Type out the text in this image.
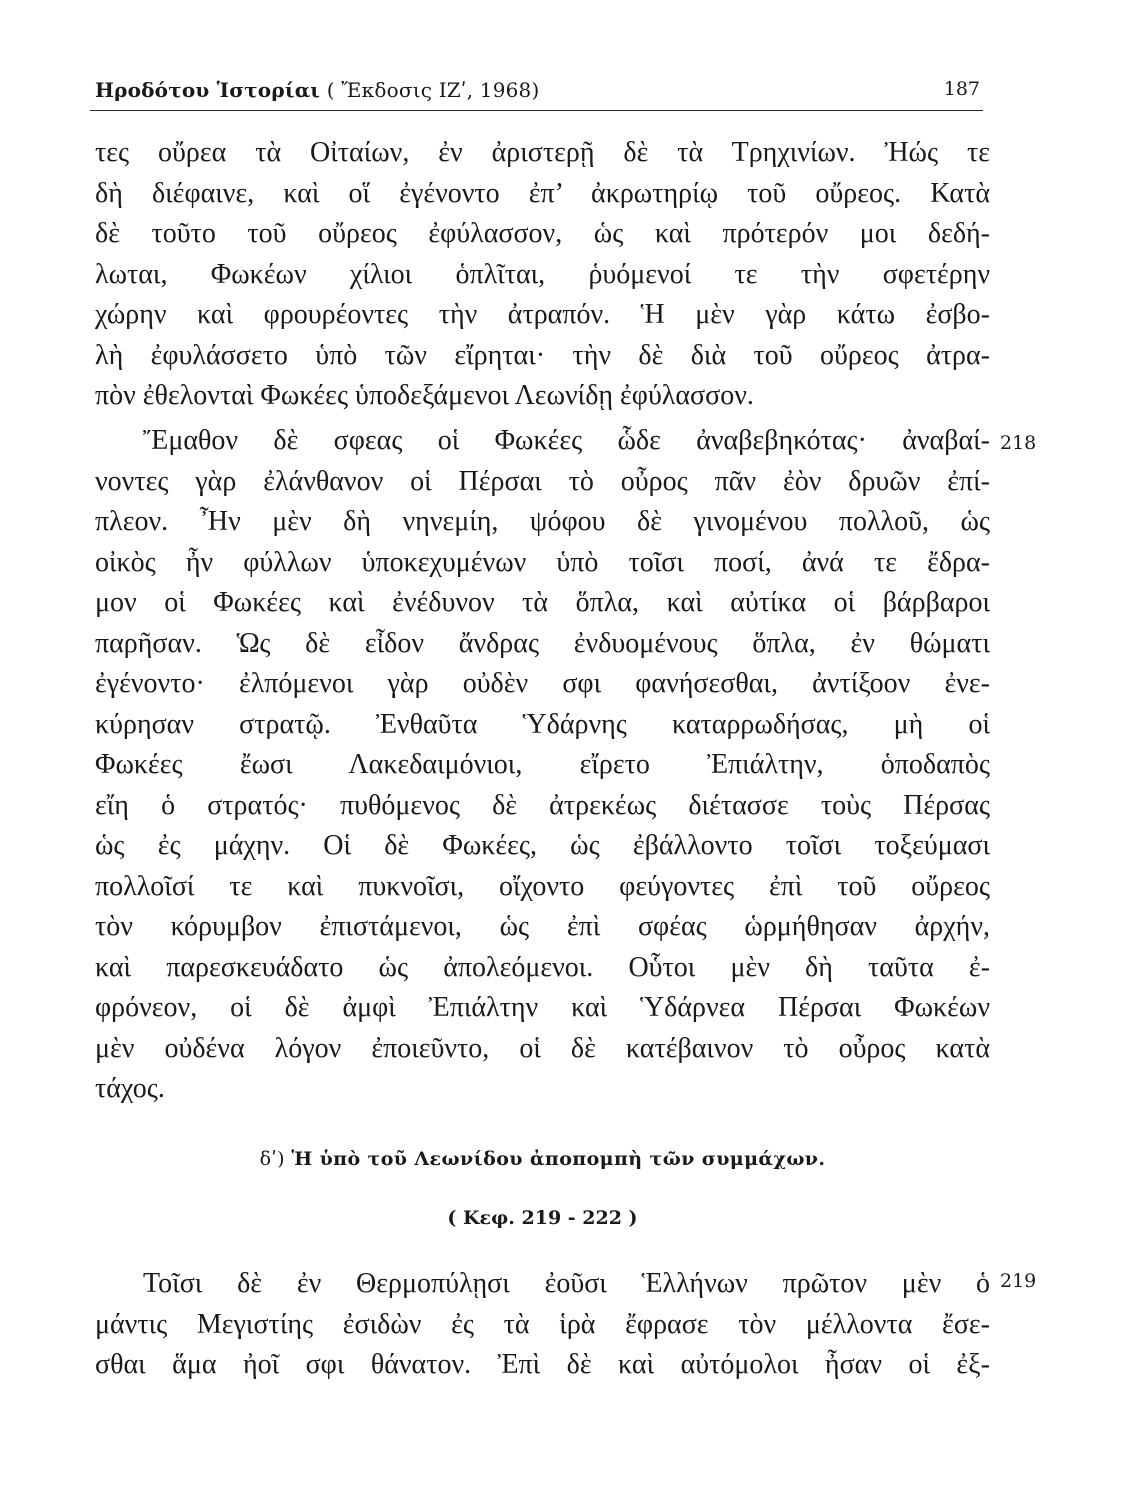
Ηροδότου Ἱστορίαι ( Ἔκδοσις ΙΖʹ, 1968)	187
τες οὔρεα τὰ Οἰταίων, ἐν ἀριστερῇ δὲ τὰ Τρηχινίων. Ἠώς τε
δὴ διέφαινε, καὶ οἵ ἐγένοντο ἐπ’ ἀκρωτηρίῳ τοῦ οὔρεος. Κατὰ
δὲ τοῦτο τοῦ οὔρεος ἐφύλασσον, ὡς καὶ πρότερόν μοι δεδή-
λωται, Φωκέων χίλιοι ὁπλῖται, ῥυόμενοί τε τὴν σφετέρην
χώρην καὶ φρουρέοντες τὴν ἀτραπόν. Ἡ μὲν γὰρ κάτω ἐσβο-
λὴ ἐφυλάσσετο ὑπὸ τῶν εἴρηται· τὴν δὲ διὰ τοῦ οὔρεος ἀτρα-
πὸν ἐθελονταὶ Φωκέες ὑποδεξάμενοι Λεωνίδῃ ἐφύλασσον.
Ἔμαθον δὲ σφεας οἱ Φωκέες ὧδε ἀναβεβηκότας· ἀναβαί-
νοντες γὰρ ἐλάνθανον οἱ Πέρσαι τὸ οὖρος πᾶν ἐὸν δρυῶν ἐπί-
πλεον. Ἦν μὲν δὴ νηνεμίη, ψόφου δὲ γινομένου πολλοῦ, ὡς
οἰκὸς ἦν φύλλων ὑποκεχυμένων ὑπὸ τοῖσι ποσί, ἀνά τε ἔδρα-
μον οἱ Φωκέες καὶ ἐνέδυνον τὰ ὅπλα, καὶ αὐτίκα οἱ βάρβαροι
παρῆσαν. Ὡς δὲ εἶδον ἄνδρας ἐνδυομένους ὅπλα, ἐν θώματι
ἐγένοντο· ἐλπόμενοι γὰρ οὐδὲν σφι φανήσεσθαι, ἀντίξοον ἐνε-
κύρησαν στρατῷ. Ἐνθαῦτα Ὑδάρνης καταρρωδήσας, μὴ οἱ
Φωκέες ἔωσι Λακεδαιμόνιοι, εἴρετο Ἐπιάλτην, ὁποδαπὸς
εἴη ὁ στρατός· πυθόμενος δὲ ἀτρεκέως διέτασσε τοὺς Πέρσας
ὡς ἐς μάχην. Οἱ δὲ Φωκέες, ὡς ἐβάλλοντο τοῖσι τοξεύμασι
πολλοῖσί τε καὶ πυκνοῖσι, οἴχοντο φεύγοντες ἐπὶ τοῦ οὔρεος
τὸν κόρυμβον ἐπιστάμενοι, ὡς ἐπὶ σφέας ὡρμήθησαν ἀρχήν,
καὶ παρεσκευάδατο ὡς ἀπολεόμενοι. Οὗτοι μὲν δὴ ταῦτα ἐ-
φρόνεον, οἱ δὲ ἀμφὶ Ἐπιάλτην καὶ Ὑδάρνεα Πέρσαι Φωκέων
μὲν οὐδένα λόγον ἐποιεῦντο, οἱ δὲ κατέβαινον τὸ οὖρος κατὰ
τάχος.
218
δʹ) Ἡ ὑπὸ τοῦ Λεωνίδου ἀποπομπὴ τῶν συμμάχων.
( Κεφ. 219 - 222 )
Τοῖσι δὲ ἐν Θερμοπύλῃσι ἐοῦσι Ἑλλήνων πρῶτον μὲν ὁ
μάντις Μεγιστίης ἐσιδὼν ἐς τὰ ἱρὰ ἔφρασε τὸν μέλλοντα ἔσε-
σθαι ἅμα ἠοῖ σφι θάνατον. Ἐπὶ δὲ καὶ αὐτόμολοι ἦσαν οἱ ἐξ-
219
